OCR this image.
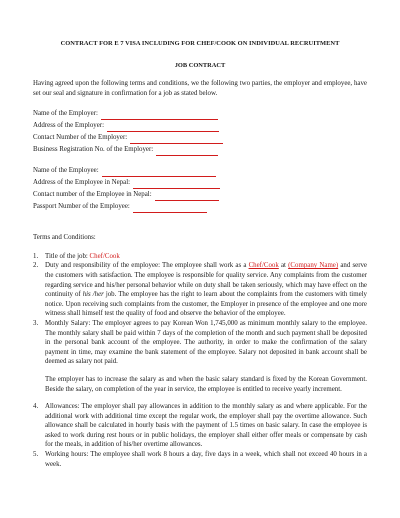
CONTRACT FOR E 7 VISA INCLUDING FOR CHEF/COOK ON INDIVIDUAL RECRUITMENT
JOB CONTRACT
Having agreed upon the following terms and conditions, we the following two parties, the employer and employee, have set our seal and signature in confirmation for a job as stated below.
Name of the Employer:
Address of the Employer:
Contact Number of the Employer:
Business Registration No. of the Employer:
Name of the Employee:
Address of the Employee in Nepal:
Contact number of the Employee in Nepal:
Passport Number of the Employee:
Terms and Conditions:
1. Title of the job: Chef/Cook
2. Duty and responsibility of the employee: The employee shall work as a Chef/Cook at (Company Name) and serve the customers with satisfaction. The employee is responsible for quality service. Any complaints from the customer regarding service and his/her personal behavior while on duty shall be taken seriously, which may have effect on the continuity of his /her job. The employee has the right to learn about the complaints from the customers with timely notice. Upon receiving such complaints from the customer, the Employer in presence of the employee and one more witness shall himself test the quality of food and observe the behavior of the employee.
3. Monthly Salary: The employer agrees to pay Korean Won 1,745,000 as minimum monthly salary to the employee. The monthly salary shall be paid within 7 days of the completion of the month and such payment shall be deposited in the personal bank account of the employee. The authority, in order to make the confirmation of the salary payment in time, may examine the bank statement of the employee. Salary not deposited in bank account shall be deemed as salary not paid.
The employer has to increase the salary as and when the basic salary standard is fixed by the Korean Government. Beside the salary, on completion of the year in service, the employee is entitled to receive yearly increment.
4. Allowances: The employer shall pay allowances in addition to the monthly salary as and where applicable. For the additional work with additional time except the regular work, the employer shall pay the overtime allowance. Such allowance shall be calculated in hourly basis with the payment of 1.5 times on basic salary. In case the employee is asked to work during rest hours or in public holidays, the employer shall either offer meals or compensate by cash for the meals, in addition of his/her overtime allowances.
5. Working hours: The employee shall work 8 hours a day, five days in a week, which shall not exceed 40 hours in a week.
